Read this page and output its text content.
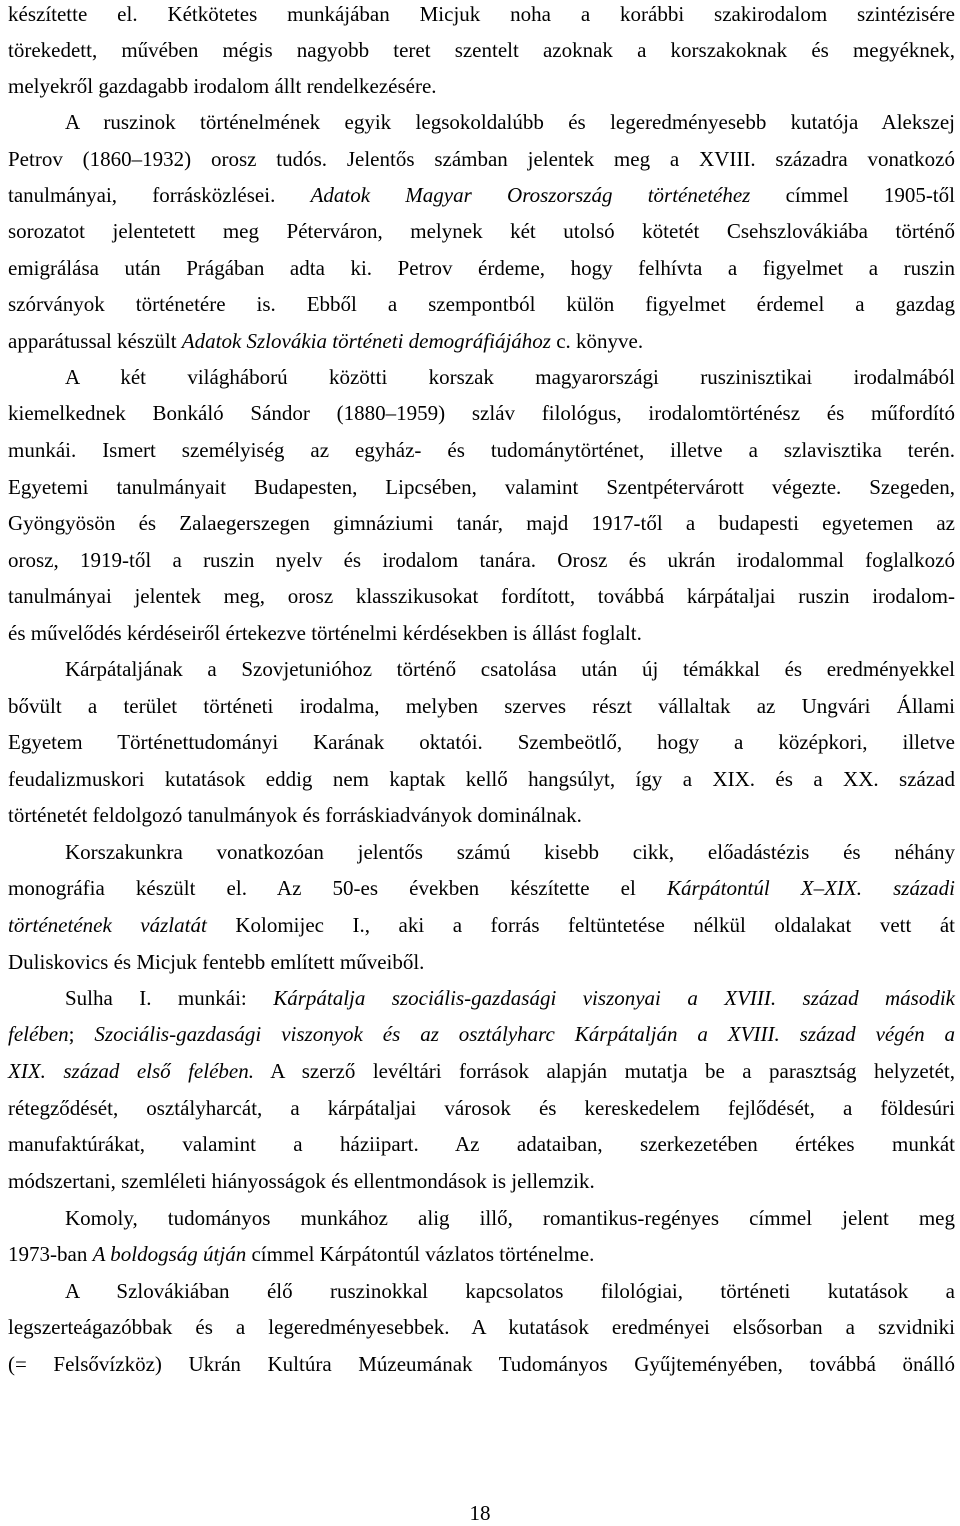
készítette el. Kétkötetes munkájában Micjuk noha a korábbi szakirodalom szintézisére
törekedett, művében mégis nagyobb teret szentelt azoknak a korszakoknak és megyéknek,
melyekről gazdagabb irodalom állt rendelkezésére.
A ruszinok történelmének egyik legsokoldalúbb és legeredményesebb kutatója Alekszej
Petrov (1860–1932) orosz tudós. Jelentős számban jelentek meg a XVIII. századra vonatkozó
tanulmányai, forrásközlései. Adatok Magyar Oroszország történetéhez címmel 1905-től
sorozatot jelentetett meg Péterváron, melynek két utolsó kötetét Csehszlovákiába történő
emigrálása után Prágában adta ki. Petrov érdeme, hogy felhívta a figyelmet a ruszin
szórványok történetére is. Ebből a szempontból külön figyelmet érdemel a gazdag
apparátussal készült Adatok Szlovákia történeti demográfiájához c. könyve.
A két világháború közötti korszak magyarországi ruszinisztikai irodalmából
kiemelkednek Bonkáló Sándor (1880–1959) szláv filológus, irodalomtörténész és műfordító
munkái. Ismert személyiség az egyház- és tudománytörténet, illetve a szlavisztika terén.
Egyetemi tanulmányait Budapesten, Lipcsében, valamint Szentpétervárott végezte. Szegeden,
Gyöngyösön és Zalaegerszegen gimnáziumi tanár, majd 1917-től a budapesti egyetemen az
orosz, 1919-től a ruszin nyelv és irodalom tanára. Orosz és ukrán irodalommal foglalkozó
tanulmányai jelentek meg, orosz klasszikusokat fordított, továbbá kárpátaljai ruszin irodalom-
és művelődés kérdéseiről értekezve történelmi kérdésekben is állást foglalt.
Kárpátaljának a Szovjetunióhoz történő csatolása után új témákkal és eredményekkel
bővült a terület történeti irodalma, melyben szerves részt vállaltak az Ungvári Állami
Egyetem Történettudományi Karának oktatói. Szembeötlő, hogy a középkori, illetve
feudalizmuskori kutatások eddig nem kaptak kellő hangsúlyt, így a XIX. és a XX. század
történetét feldolgozó tanulmányok és forráskiadványok dominálnak.
Korszakunkra vonatkozóan jelentős számú kisebb cikk, előadástézis és néhány
monográfia készült el. Az 50-es években készítette el Kárpátontúl X–XIX. századi
történetének vázlatát Kolomijec I., aki a forrás feltüntetése nélkül oldalakat vett át
Duliskovics és Micjuk fentebb említett műveiből.
Sulha I. munkái: Kárpátalja szociális-gazdasági viszonyai a XVIII. század második
felében; Szociális-gazdasági viszonyok és az osztályharc Kárpátalján a XVIII. század végén a
XIX. század első felében. A szerző levéltári források alapján mutatja be a parasztság helyzetét,
rétegződését, osztályharcát, a kárpátaljai városok és kereskedelem fejlődését, a földesúri
manufaktúrákat, valamint a háziipart. Az adataiban, szerkezetében értékes munkát
módszertani, szemléleti hiányosságok és ellentmondások is jellemzik.
Komoly, tudományos munkához alig illő, romantikus-regényes címmel jelent meg
1973-ban A boldogság útján címmel Kárpátontúl vázlatos történelme.
A Szlovákiában élő ruszinokkal kapcsolatos filológiai, történeti kutatások a
legszerteágazóbbak és a legeredményesebbek. A kutatások eredményei elsősorban a szvidniki
(= Felsővízköz) Ukrán Kultúra Múzeumának Tudományos Gyűjteményében, továbbá önálló
18
